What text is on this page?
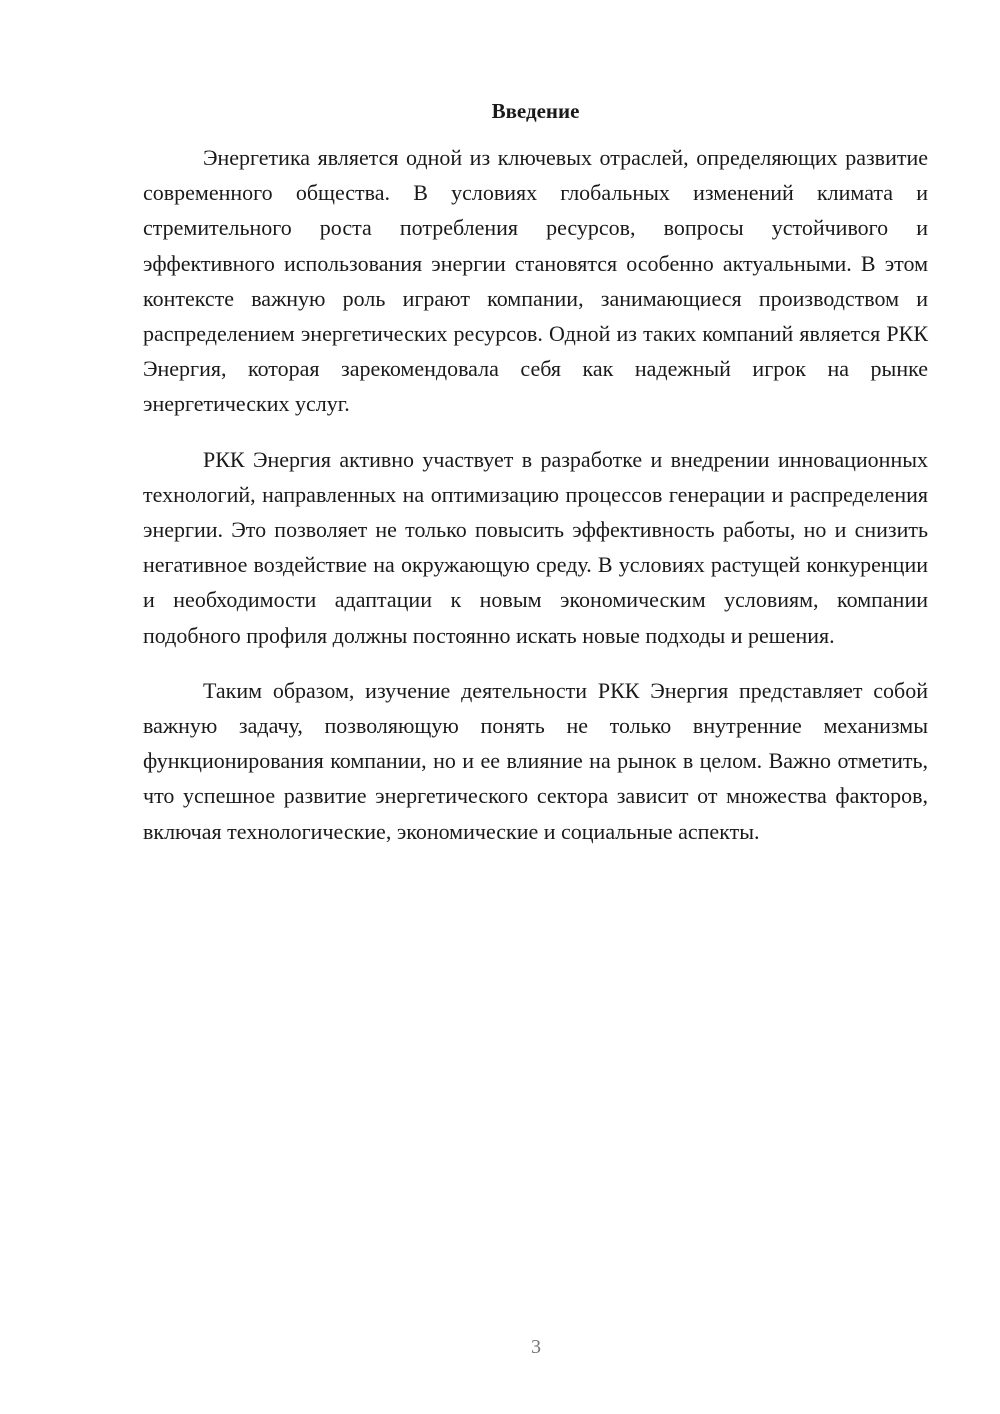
Введение

Энергетика является одной из ключевых отраслей, определяющих развитие современного общества. В условиях глобальных изменений климата и стремительного роста потребления ресурсов, вопросы устойчивого и эффективного использования энергии становятся особенно актуальными. В этом контексте важную роль играют компании, занимающиеся производством и распределением энергетических ресурсов. Одной из таких компаний является РКК Энергия, которая зарекомендовала себя как надежный игрок на рынке энергетических услуг.

РКК Энергия активно участвует в разработке и внедрении инновационных технологий, направленных на оптимизацию процессов генерации и распределения энергии. Это позволяет не только повысить эффективность работы, но и снизить негативное воздействие на окружающую среду. В условиях растущей конкуренции и необходимости адаптации к новым экономическим условиям, компании подобного профиля должны постоянно искать новые подходы и решения.

Таким образом, изучение деятельности РКК Энергия представляет собой важную задачу, позволяющую понять не только внутренние механизмы функционирования компании, но и ее влияние на рынок в целом. Важно отметить, что успешное развитие энергетического сектора зависит от множества факторов, включая технологические, экономические и социальные аспекты.

3
